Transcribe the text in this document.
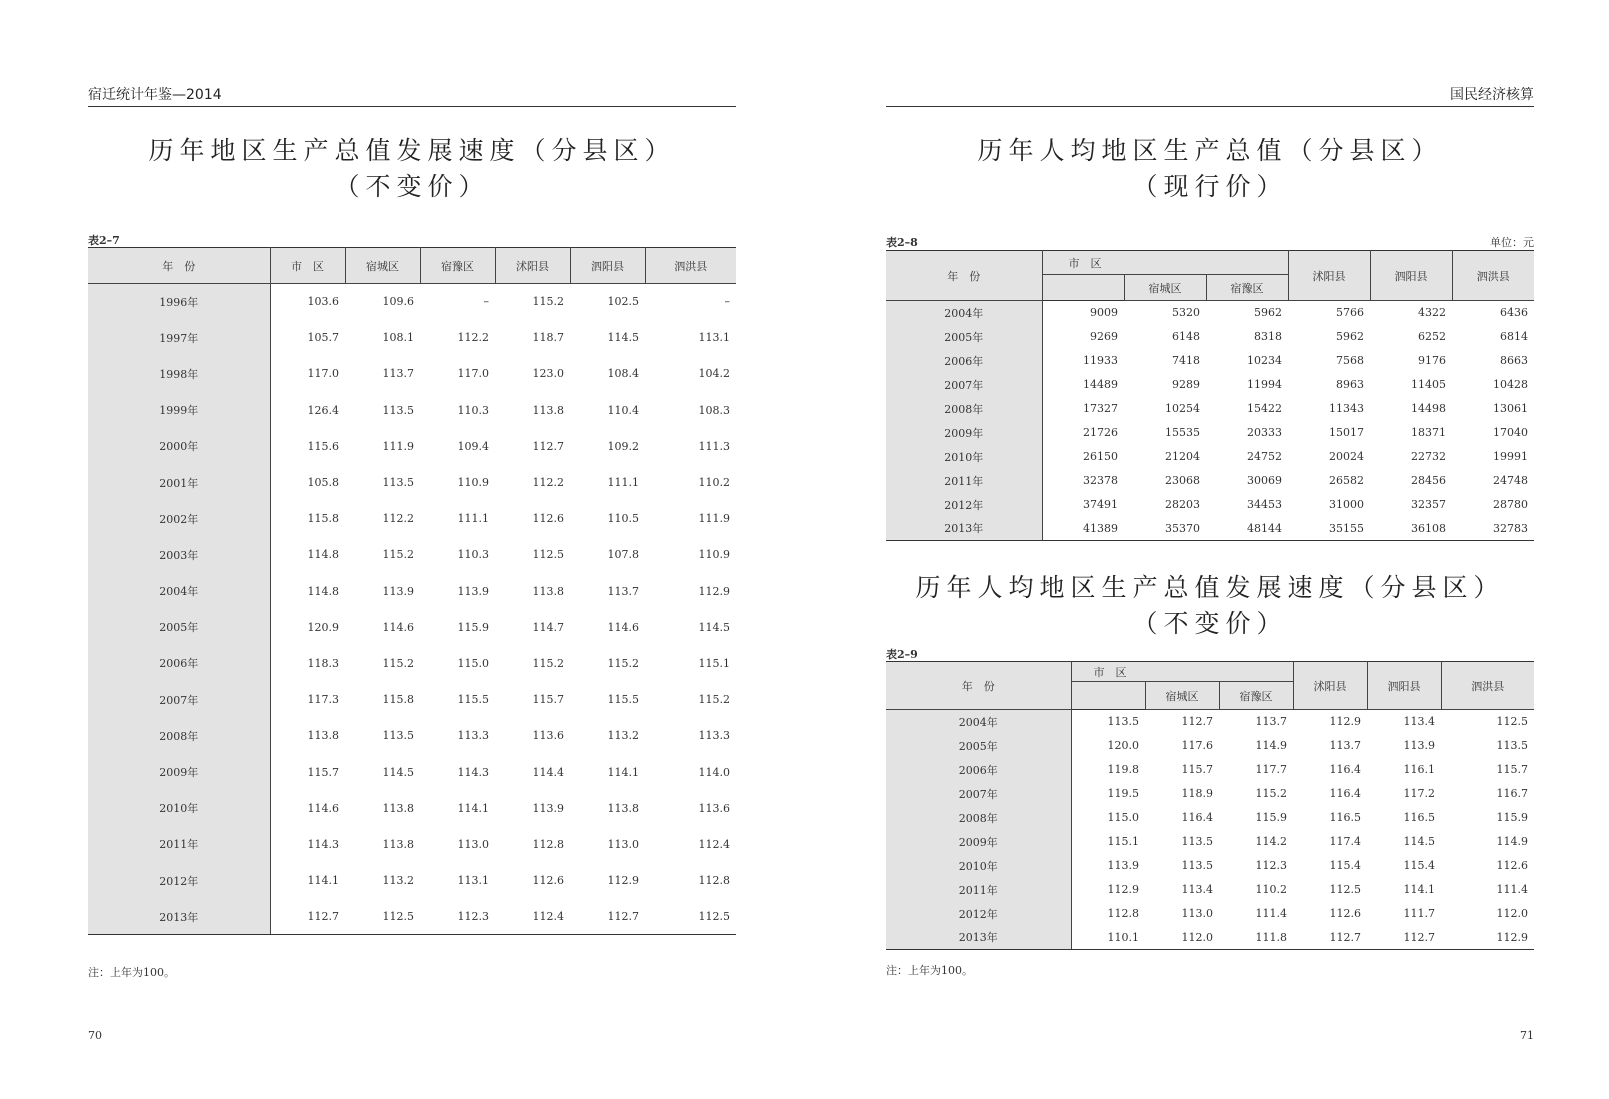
宿迁统计年鉴—2014
历年地区生产总值发展速度（分县区）
（不变价）
表2–7
年　份	市　区	宿城区	宿豫区	沭阳县	泗阳县	泗洪县
1996年	103.6	109.6	–	115.2	102.5	–
1997年	105.7	108.1	112.2	118.7	114.5	113.1
1998年	117.0	113.7	117.0	123.0	108.4	104.2
1999年	126.4	113.5	110.3	113.8	110.4	108.3
2000年	115.6	111.9	109.4	112.7	109.2	111.3
2001年	105.8	113.5	110.9	112.2	111.1	110.2
2002年	115.8	112.2	111.1	112.6	110.5	111.9
2003年	114.8	115.2	110.3	112.5	107.8	110.9
2004年	114.8	113.9	113.9	113.8	113.7	112.9
2005年	120.9	114.6	115.9	114.7	114.6	114.5
2006年	118.3	115.2	115.0	115.2	115.2	115.1
2007年	117.3	115.8	115.5	115.7	115.5	115.2
2008年	113.8	113.5	113.3	113.6	113.2	113.3
2009年	115.7	114.5	114.3	114.4	114.1	114.0
2010年	114.6	113.8	114.1	113.9	113.8	113.6
2011年	114.3	113.8	113.0	112.8	113.0	112.4
2012年	114.1	113.2	113.1	112.6	112.9	112.8
2013年	112.7	112.5	112.3	112.4	112.7	112.5
注：上年为100。
70
国民经济核算
历年人均地区生产总值（分县区）
（现行价）
表2–8	单位：元
年　份	市　区			沭阳县	泗阳县	泗洪县
		宿城区	宿豫区			
2004年	9009	5320	5962	5766	4322	6436
2005年	9269	6148	8318	5962	6252	6814
2006年	11933	7418	10234	7568	9176	8663
2007年	14489	9289	11994	8963	11405	10428
2008年	17327	10254	15422	11343	14498	13061
2009年	21726	15535	20333	15017	18371	17040
2010年	26150	21204	24752	20024	22732	19991
2011年	32378	23068	30069	26582	28456	24748
2012年	37491	28203	34453	31000	32357	28780
2013年	41389	35370	48144	35155	36108	32783
历年人均地区生产总值发展速度（分县区）
（不变价）
表2–9
年　份	市　区			沭阳县	泗阳县	泗洪县
		宿城区	宿豫区			
2004年	113.5	112.7	113.7	112.9	113.4	112.5
2005年	120.0	117.6	114.9	113.7	113.9	113.5
2006年	119.8	115.7	117.7	116.4	116.1	115.7
2007年	119.5	118.9	115.2	116.4	117.2	116.7
2008年	115.0	116.4	115.9	116.5	116.5	115.9
2009年	115.1	113.5	114.2	117.4	114.5	114.9
2010年	113.9	113.5	112.3	115.4	115.4	112.6
2011年	112.9	113.4	110.2	112.5	114.1	111.4
2012年	112.8	113.0	111.4	112.6	111.7	112.0
2013年	110.1	112.0	111.8	112.7	112.7	112.9
注：上年为100。
71
